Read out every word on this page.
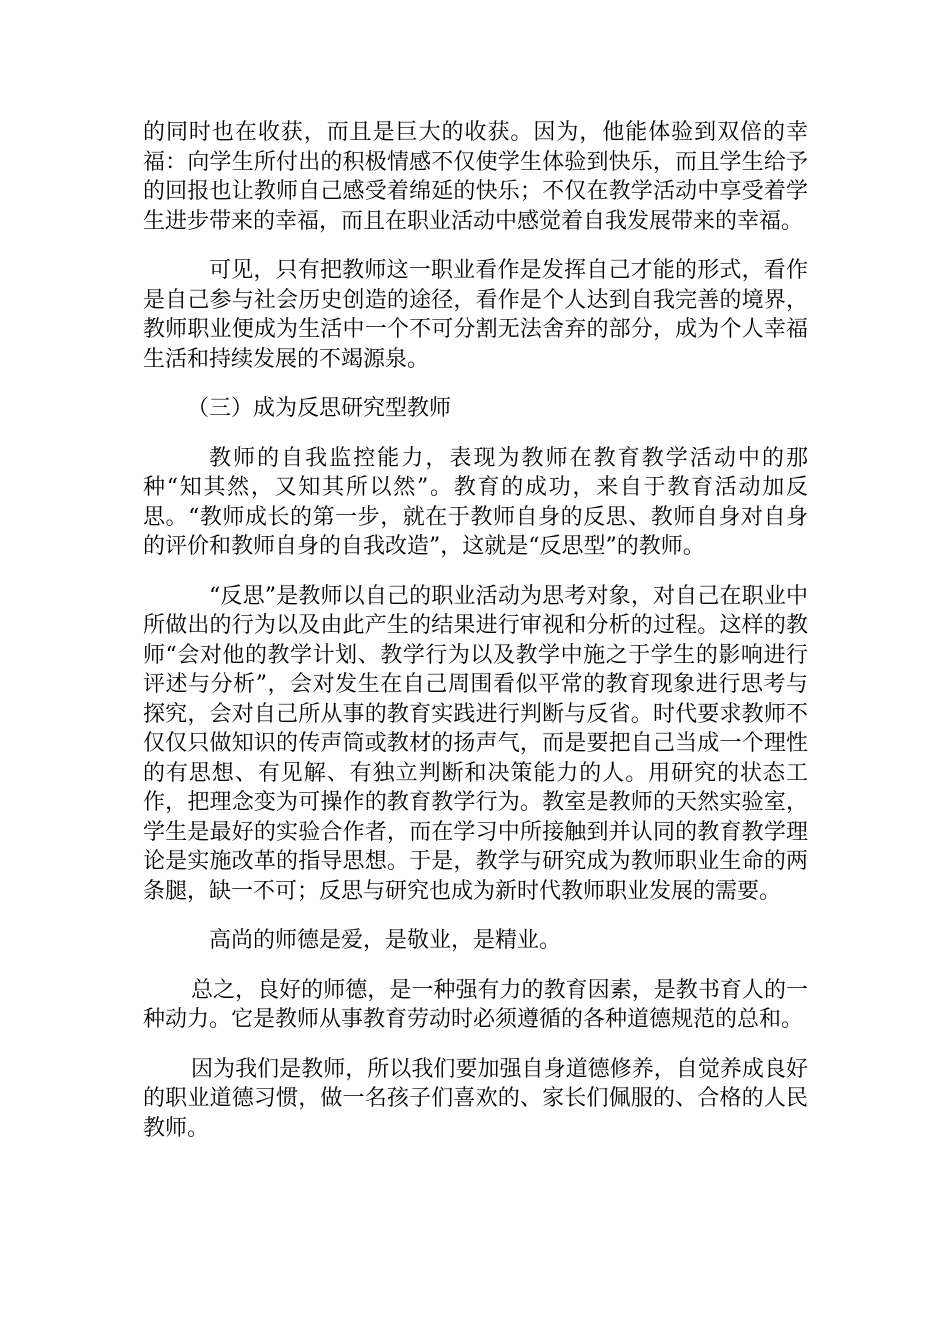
的同时也在收获，而且是巨大的收获。因为，他能体验到双倍的幸福：向学生所付出的积极情感不仅使学生体验到快乐，而且学生给予的回报也让教师自己感受着绵延的快乐；不仅在教学活动中享受着学生进步带来的幸福，而且在职业活动中感觉着自我发展带来的幸福。

可见，只有把教师这一职业看作是发挥自己才能的形式，看作是自己参与社会历史创造的途径，看作是个人达到自我完善的境界，教师职业便成为生活中一个不可分割无法舍弃的部分，成为个人幸福生活和持续发展的不竭源泉。

（三）成为反思研究型教师

教师的自我监控能力，表现为教师在教育教学活动中的那种“知其然，又知其所以然”。教育的成功，来自于教育活动加反思。“教师成长的第一步，就在于教师自身的反思、教师自身对自身的评价和教师自身的自我改造”，这就是“反思型”的教师。

“反思”是教师以自己的职业活动为思考对象，对自己在职业中所做出的行为以及由此产生的结果进行审视和分析的过程。这样的教师“会对他的教学计划、教学行为以及教学中施之于学生的影响进行评述与分析”，会对发生在自己周围看似平常的教育现象进行思考与探究，会对自己所从事的教育实践进行判断与反省。时代要求教师不仅仅只做知识的传声筒或教材的扬声气，而是要把自己当成一个理性的有思想、有见解、有独立判断和决策能力的人。用研究的状态工作，把理念变为可操作的教育教学行为。教室是教师的天然实验室，学生是最好的实验合作者，而在学习中所接触到并认同的教育教学理论是实施改革的指导思想。于是，教学与研究成为教师职业生命的两条腿，缺一不可；反思与研究也成为新时代教师职业发展的需要。

高尚的师德是爱，是敬业，是精业。

总之，良好的师德，是一种强有力的教育因素，是教书育人的一种动力。它是教师从事教育劳动时必须遵循的各种道德规范的总和。

因为我们是教师，所以我们要加强自身道德修养，自觉养成良好的职业道德习惯，做一名孩子们喜欢的、家长们佩服的、合格的人民教师。
